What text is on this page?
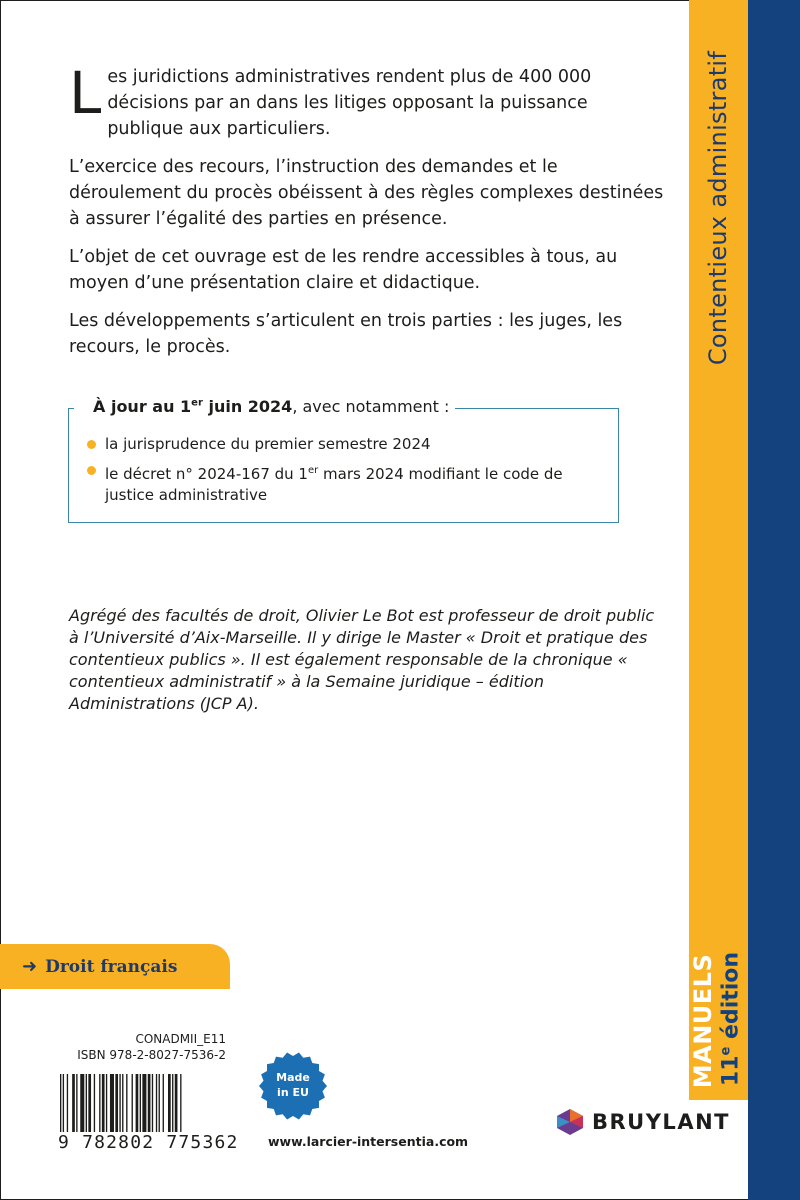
Contentieux administratif
MANUELS 11e édition

Les juridictions administratives rendent plus de 400 000 décisions par an dans les litiges opposant la puissance publique aux particuliers.

L’exercice des recours, l’instruction des demandes et le déroulement du procès obéissent à des règles complexes destinées à assurer l’égalité des parties en présence.

L’objet de cet ouvrage est de les rendre accessibles à tous, au moyen d’une présentation claire et didactique.

Les développements s’articulent en trois parties : les juges, les recours, le procès.

À jour au 1er juin 2024, avec notamment :
la jurisprudence du premier semestre 2024
le décret n° 2024-167 du 1er mars 2024 modifiant le code de justice administrative
Agrégé des facultés de droit, Olivier Le Bot est professeur de droit public à l’Université d’Aix-Marseille. Il y dirige le Master « Droit et pratique des contentieux publics ». Il est également responsable de la chronique « contentieux administratif » à la Semaine juridique – édition Administrations (JCP A).
➜ Droit français
CONADMII_E11
ISBN 978-2-8027-7536-2
9 782802 775362
Made
in EU
www.larcier-intersentia.com
BRUYLANT
